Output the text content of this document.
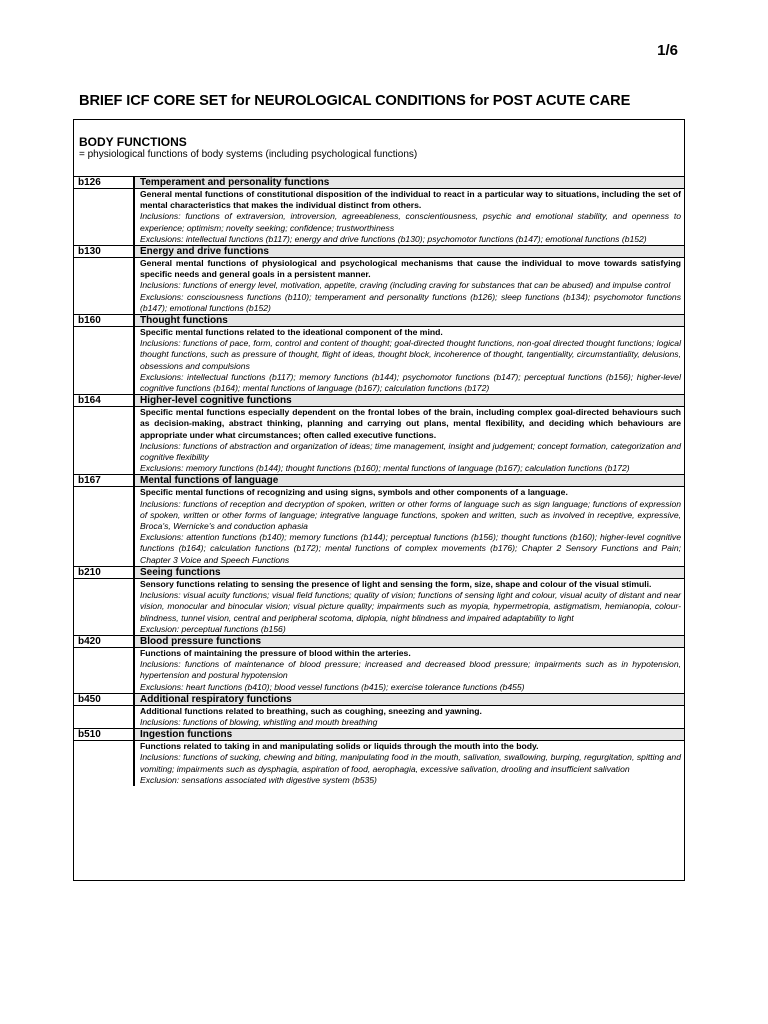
1/6
BRIEF ICF CORE SET for NEUROLOGICAL CONDITIONS for POST ACUTE CARE
BODY FUNCTIONS
= physiological functions of body systems (including psychological functions)
b126	Temperament and personality functions

	General mental functions of constitutional disposition of the individual to react in a particular way to situations, including the set of mental characteristics that makes the individual distinct from others.
Inclusions: functions of extraversion, introversion, agreeableness, conscientiousness, psychic and emotional stability, and openness to experience; optimism; novelty seeking; confidence; trustworthiness
Exclusions: intellectual functions (b117); energy and drive functions (b130); psychomotor functions (b147); emotional functions (b152)

b130	Energy and drive functions

	General mental functions of physiological and psychological mechanisms that cause the individual to move towards satisfying specific needs and general goals in a persistent manner.
Inclusions: functions of energy level, motivation, appetite, craving (including craving for substances that can be abused) and impulse control
Exclusions: consciousness functions (b110); temperament and personality functions (b126); sleep functions (b134); psychomotor functions (b147); emotional functions (b152)

b160	Thought functions

	Specific mental functions related to the ideational component of the mind.
Inclusions: functions of pace, form, control and content of thought; goal-directed thought functions, non-goal directed thought functions; logical thought functions, such as pressure of thought, flight of ideas, thought block, incoherence of thought, tangentiality, circumstantiality, delusions, obsessions and compulsions
Exclusions: intellectual functions (b117); memory functions (b144); psychomotor functions (b147); perceptual functions (b156); higher-level cognitive functions (b164); mental functions of language (b167); calculation functions (b172)

b164	Higher-level cognitive functions

	Specific mental functions especially dependent on the frontal lobes of the brain, including complex goal-directed behaviours such as decision-making, abstract thinking, planning and carrying out plans, mental flexibility, and deciding which behaviours are appropriate under what circumstances; often called executive functions.
Inclusions: functions of abstraction and organization of ideas; time management, insight and judgement; concept formation, categorization and cognitive flexibility
Exclusions: memory functions (b144); thought functions (b160); mental functions of language (b167); calculation functions (b172)

b167	Mental functions of language

	Specific mental functions of recognizing and using signs, symbols and other components of a language.
Inclusions: functions of reception and decryption of spoken, written or other forms of language such as sign language; functions of expression of spoken, written or other forms of language; integrative language functions, spoken and written, such as involved in receptive, expressive, Broca's, Wernicke's and conduction aphasia
Exclusions: attention functions (b140); memory functions (b144); perceptual functions (b156); thought functions (b160); higher-level cognitive functions (b164); calculation functions (b172); mental functions of complex movements (b176); Chapter 2 Sensory Functions and Pain; Chapter 3 Voice and Speech Functions

b210	Seeing functions

	Sensory functions relating to sensing the presence of light and sensing the form, size, shape and colour of the visual stimuli.
Inclusions: visual acuity functions; visual field functions; quality of vision; functions of sensing light and colour, visual acuity of distant and near vision, monocular and binocular vision; visual picture quality; impairments such as myopia, hypermetropia, astigmatism, hemianopia, colour-blindness, tunnel vision, central and peripheral scotoma, diplopia, night blindness and impaired adaptability to light
Exclusion: perceptual functions (b156)

b420	Blood pressure functions

	Functions of maintaining the pressure of blood within the arteries.
Inclusions: functions of maintenance of blood pressure; increased and decreased blood pressure; impairments such as in hypotension, hypertension and postural hypotension
Exclusions: heart functions (b410); blood vessel functions (b415); exercise tolerance functions (b455)

b450	Additional respiratory functions

	Additional functions related to breathing, such as coughing, sneezing and yawning.
Inclusions: functions of blowing, whistling and mouth breathing

b510	Ingestion functions

	Functions related to taking in and manipulating solids or liquids through the mouth into the body.
Inclusions: functions of sucking, chewing and biting, manipulating food in the mouth, salivation, swallowing, burping, regurgitation, spitting and vomiting; impairments such as dysphagia, aspiration of food, aerophagia, excessive salivation, drooling and insufficient salivation
Exclusion: sensations associated with digestive system (b535)
